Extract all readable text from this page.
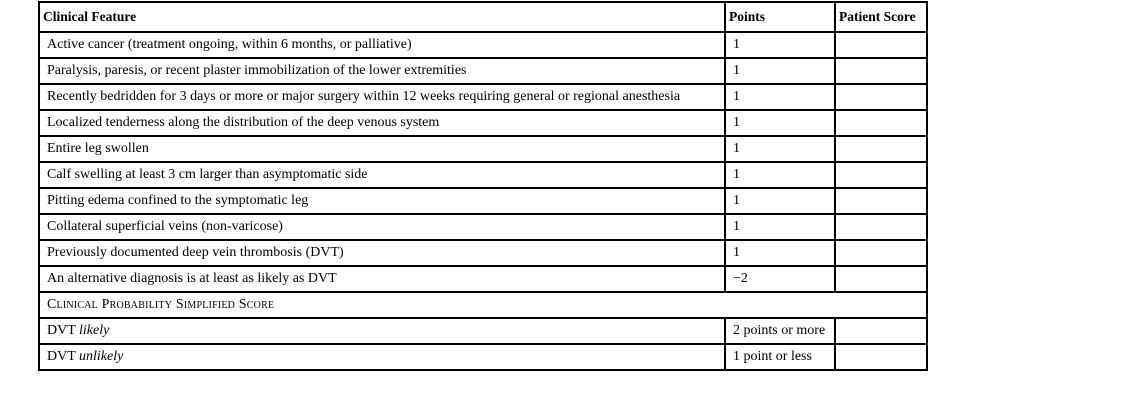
Clinical Feature	Points	Patient Score
Active cancer (treatment ongoing, within 6 months, or palliative)	1	
Paralysis, paresis, or recent plaster immobilization of the lower extremities	1	
Recently bedridden for 3 days or more or major surgery within 12 weeks requiring general or regional anesthesia	1	
Localized tenderness along the distribution of the deep venous system	1	
Entire leg swollen	1	
Calf swelling at least 3 cm larger than asymptomatic side	1	
Pitting edema confined to the symptomatic leg	1	
Collateral superficial veins (non-varicose)	1	
Previously documented deep vein thrombosis (DVT)	1	
An alternative diagnosis is at least as likely as DVT	−2	
Clinical Probability Simplified Score		
DVT likely	2 points or more	
DVT unlikely	1 point or less	
